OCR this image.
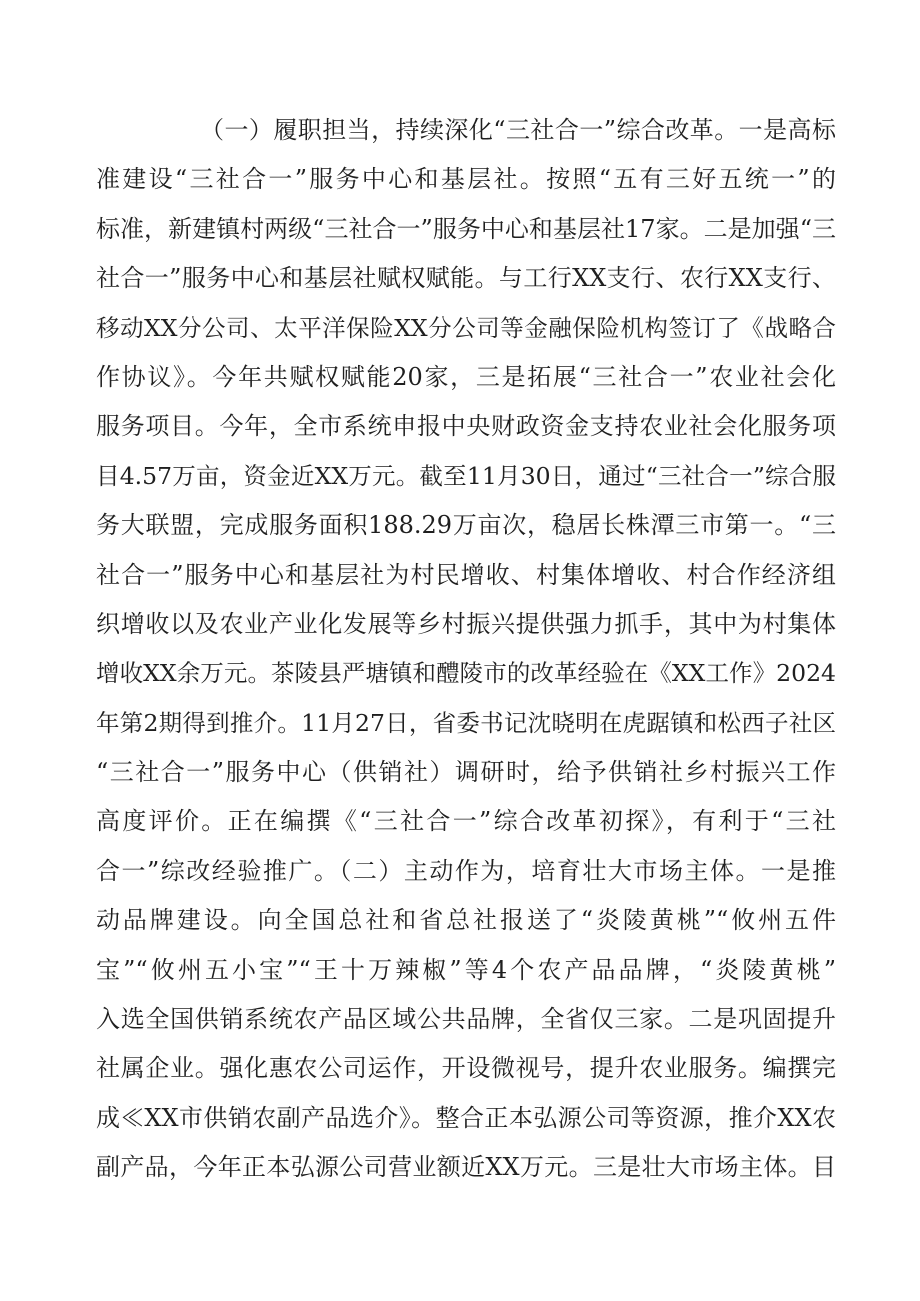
（一）履职担当，持续深化“三社合一”综合改革。一是高标
准建设“三社合一”服务中心和基层社。按照“五有三好五统一”的
标准，新建镇村两级“三社合一”服务中心和基层社17家。二是加强“三
社合一”服务中心和基层社赋权赋能。与工行XX支行、农行XX支行、
移动XX分公司、太平洋保险XX分公司等金融保险机构签订了《战略合
作协议》。今年共赋权赋能20家，三是拓展“三社合一”农业社会化
服务项目。今年，全市系统申报中央财政资金支持农业社会化服务项
目4.57万亩，资金近XX万元。截至11月30日，通过“三社合一”综合服
务大联盟，完成服务面积188.29万亩次，稳居长株潭三市第一。“三
社合一”服务中心和基层社为村民增收、村集体增收、村合作经济组
织增收以及农业产业化发展等乡村振兴提供强力抓手，其中为村集体
增收XX余万元。茶陵县严塘镇和醴陵市的改革经验在《XX工作》2024
年第2期得到推介。11月27日，省委书记沈晓明在虎踞镇和松西子社区
“三社合一”服务中心（供销社）调研时，给予供销社乡村振兴工作
高度评价。正在编撰《“三社合一”综合改革初探》，有利于“三社
合一”综改经验推广。（二）主动作为，培育壮大市场主体。一是推
动品牌建设。向全国总社和省总社报送了“炎陵黄桃”“攸州五件
宝”“攸州五小宝”“王十万辣椒”等4个农产品品牌，“炎陵黄桃”
入选全国供销系统农产品区域公共品牌，全省仅三家。二是巩固提升
社属企业。强化惠农公司运作，开设微视号，提升农业服务。编撰完
成≪XX市供销农副产品选介》。整合正本弘源公司等资源，推介XX农
副产品，今年正本弘源公司营业额近XX万元。三是壮大市场主体。目
